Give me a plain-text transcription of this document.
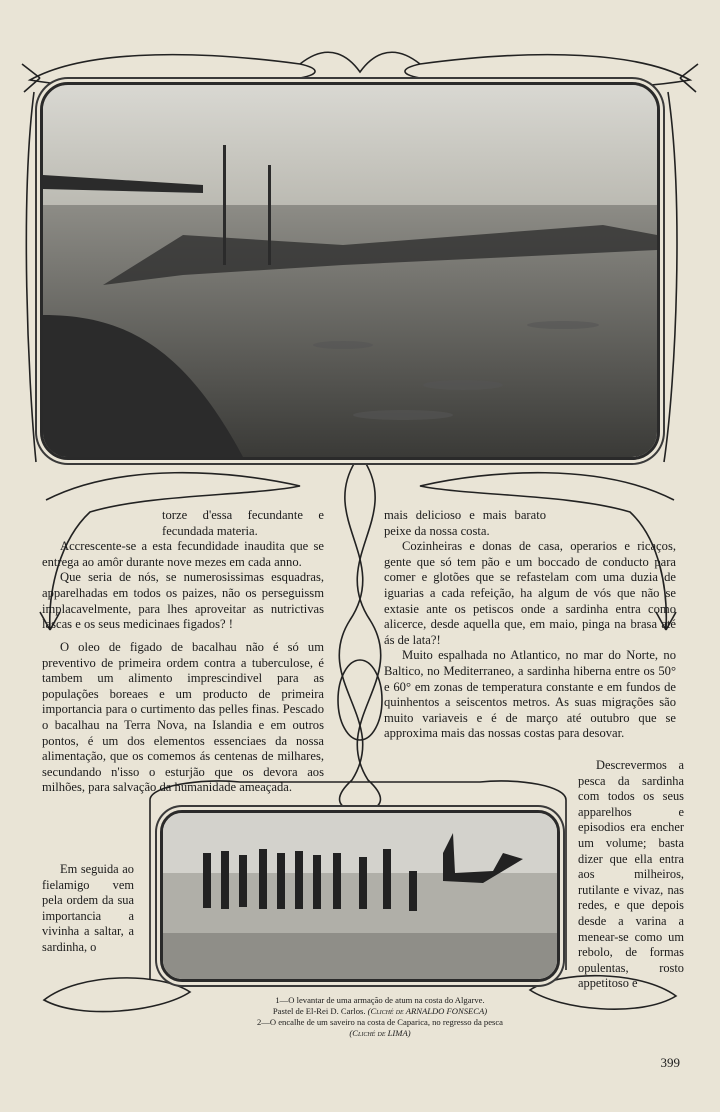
torze d'essa fecundante e fecundada materia.

Accrescente-se a esta fecundidade inaudita que se entrega ao amôr durante nove mezes em cada anno.

Que seria de nós, se numerosissimas esquadras, apparelhadas em todos os paizes, não os perseguissm implacavelmente, para lhes aproveitar as nutrictivas lascas e os seus medicinaes figados? !

O oleo de figado de bacalhau não é só um preventivo de primeira ordem contra a tuberculose, é tambem um alimento imprescindivel para as populações boreaes e um producto de primeira importancia para o curtimento das pelles finas. Pescado o bacalhau na Terra Nova, na Islandia e em outros pontos, é um dos elementos essenciaes da nossa alimentação, que os comemos ás centenas de milhares, secundando n'isso o esturjão que os devora aos milhões, para salvação da humanidade ameaçada.

Em seguida ao fielamigo vem pela ordem da sua importancia a vivinha a saltar, a sardinha, o

mais delicioso e mais barato peixe da nossa costa.

Cozinheiras e donas de casa, operarios e ricaços, gente que só tem pão e um boccado de conducto para comer e glotões que se refastelam com uma duzia de iguarias a cada refeição, ha algum de vós que não se extasie ante os petiscos onde a sardinha entra como alicerce, desde aquella que, em maio, pinga na brasa até ás de lata?!

Muito espalhada no Atlantico, no mar do Norte, no Baltico, no Mediterraneo, a sardinha hiberna entre os 50° e 60° em zonas de temperatura constante e em fundos de quinhentos a seiscentos metros. As suas migrações são muito variaveis e é de março até outubro que se approxima mais das nossas costas para desovar.

Descrevermos a pesca da sardinha com todos os seus apparelhos e episodios era encher um volume; basta dizer que ella entra aos milheiros, rutilante e vivaz, nas redes, e que depois desde a varina a menear-se como um rebolo, de formas opulentas, rosto appetitoso e

1—O levantar de uma armação de atum na costa do Algarve.
Pastel de El-Rei D. Carlos. (Cliché de ARNALDO FONSECA)
2—O encalhe de um saveiro na costa de Caparica, no regresso da pesca
(Cliché de LIMA)
399
